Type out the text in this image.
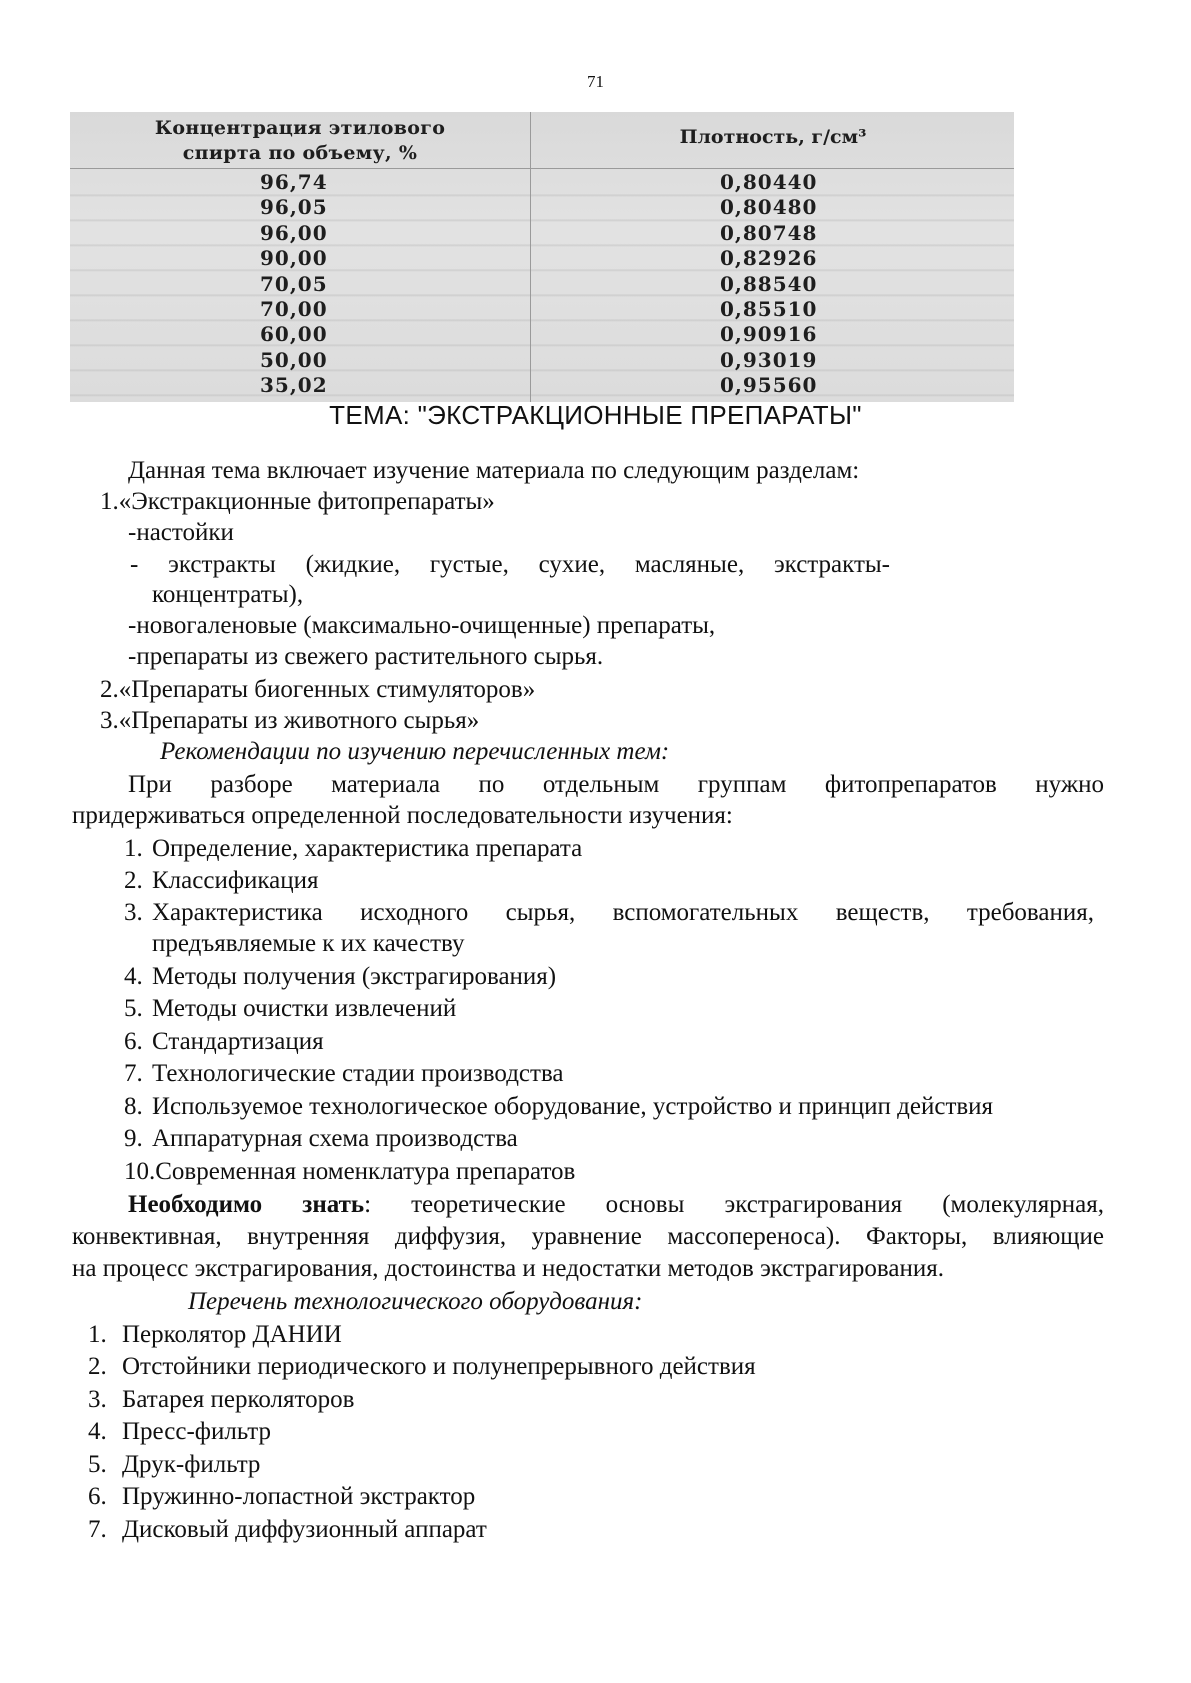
71
Концентрация этилового спирта по объему, %
Плотность, г/см³
96,74
96,05
96,00
90,00
70,05
70,00
60,00
50,00
35,02
0,80440
0,80480
0,80748
0,82926
0,88540
0,85510
0,90916
0,93019
0,95560
ТЕМА: "ЭКСТРАКЦИОННЫЕ ПРЕПАРАТЫ"
Данная тема включает изучение материала по следующим разделам:
1.«Экстракционные фитопрепараты»
-настойки
- экстракты (жидкие, густые, сухие, масляные, экстракты-
концентраты),
-новогаленовые (максимально-очищенные) препараты,
-препараты из свежего растительного сырья.
2.«Препараты биогенных стимуляторов»
3.«Препараты из животного сырья»
Рекомендации по изучению перечисленных тем:
При разборе материала по отдельным группам фитопрепаратов нужно
придерживаться определенной последовательности изучения:
1. Определение, характеристика препарата
2. Классификация
3. Характеристика исходного сырья, вспомогательных веществ, требования,
предъявляемые к их качеству
4. Методы получения (экстрагирования)
5. Методы очистки извлечений
6. Стандартизация
7. Технологические стадии производства
8. Используемое технологическое оборудование, устройство и принцип действия
9. Аппаратурная схема производства
10.Современная номенклатура препаратов
Необходимо знать: теоретические основы экстрагирования (молекулярная,
конвективная, внутренняя диффузия, уравнение массопереноса). Факторы, влияющие
на процесс экстрагирования, достоинства и недостатки методов экстрагирования.
Перечень технологического оборудования:
1. Перколятор ДАНИИ
2. Отстойники периодического и полунепрерывного действия
3. Батарея перколяторов
4. Пресс-фильтр
5. Друк-фильтр
6. Пружинно-лопастной экстрактор
7. Дисковый диффузионный аппарат
